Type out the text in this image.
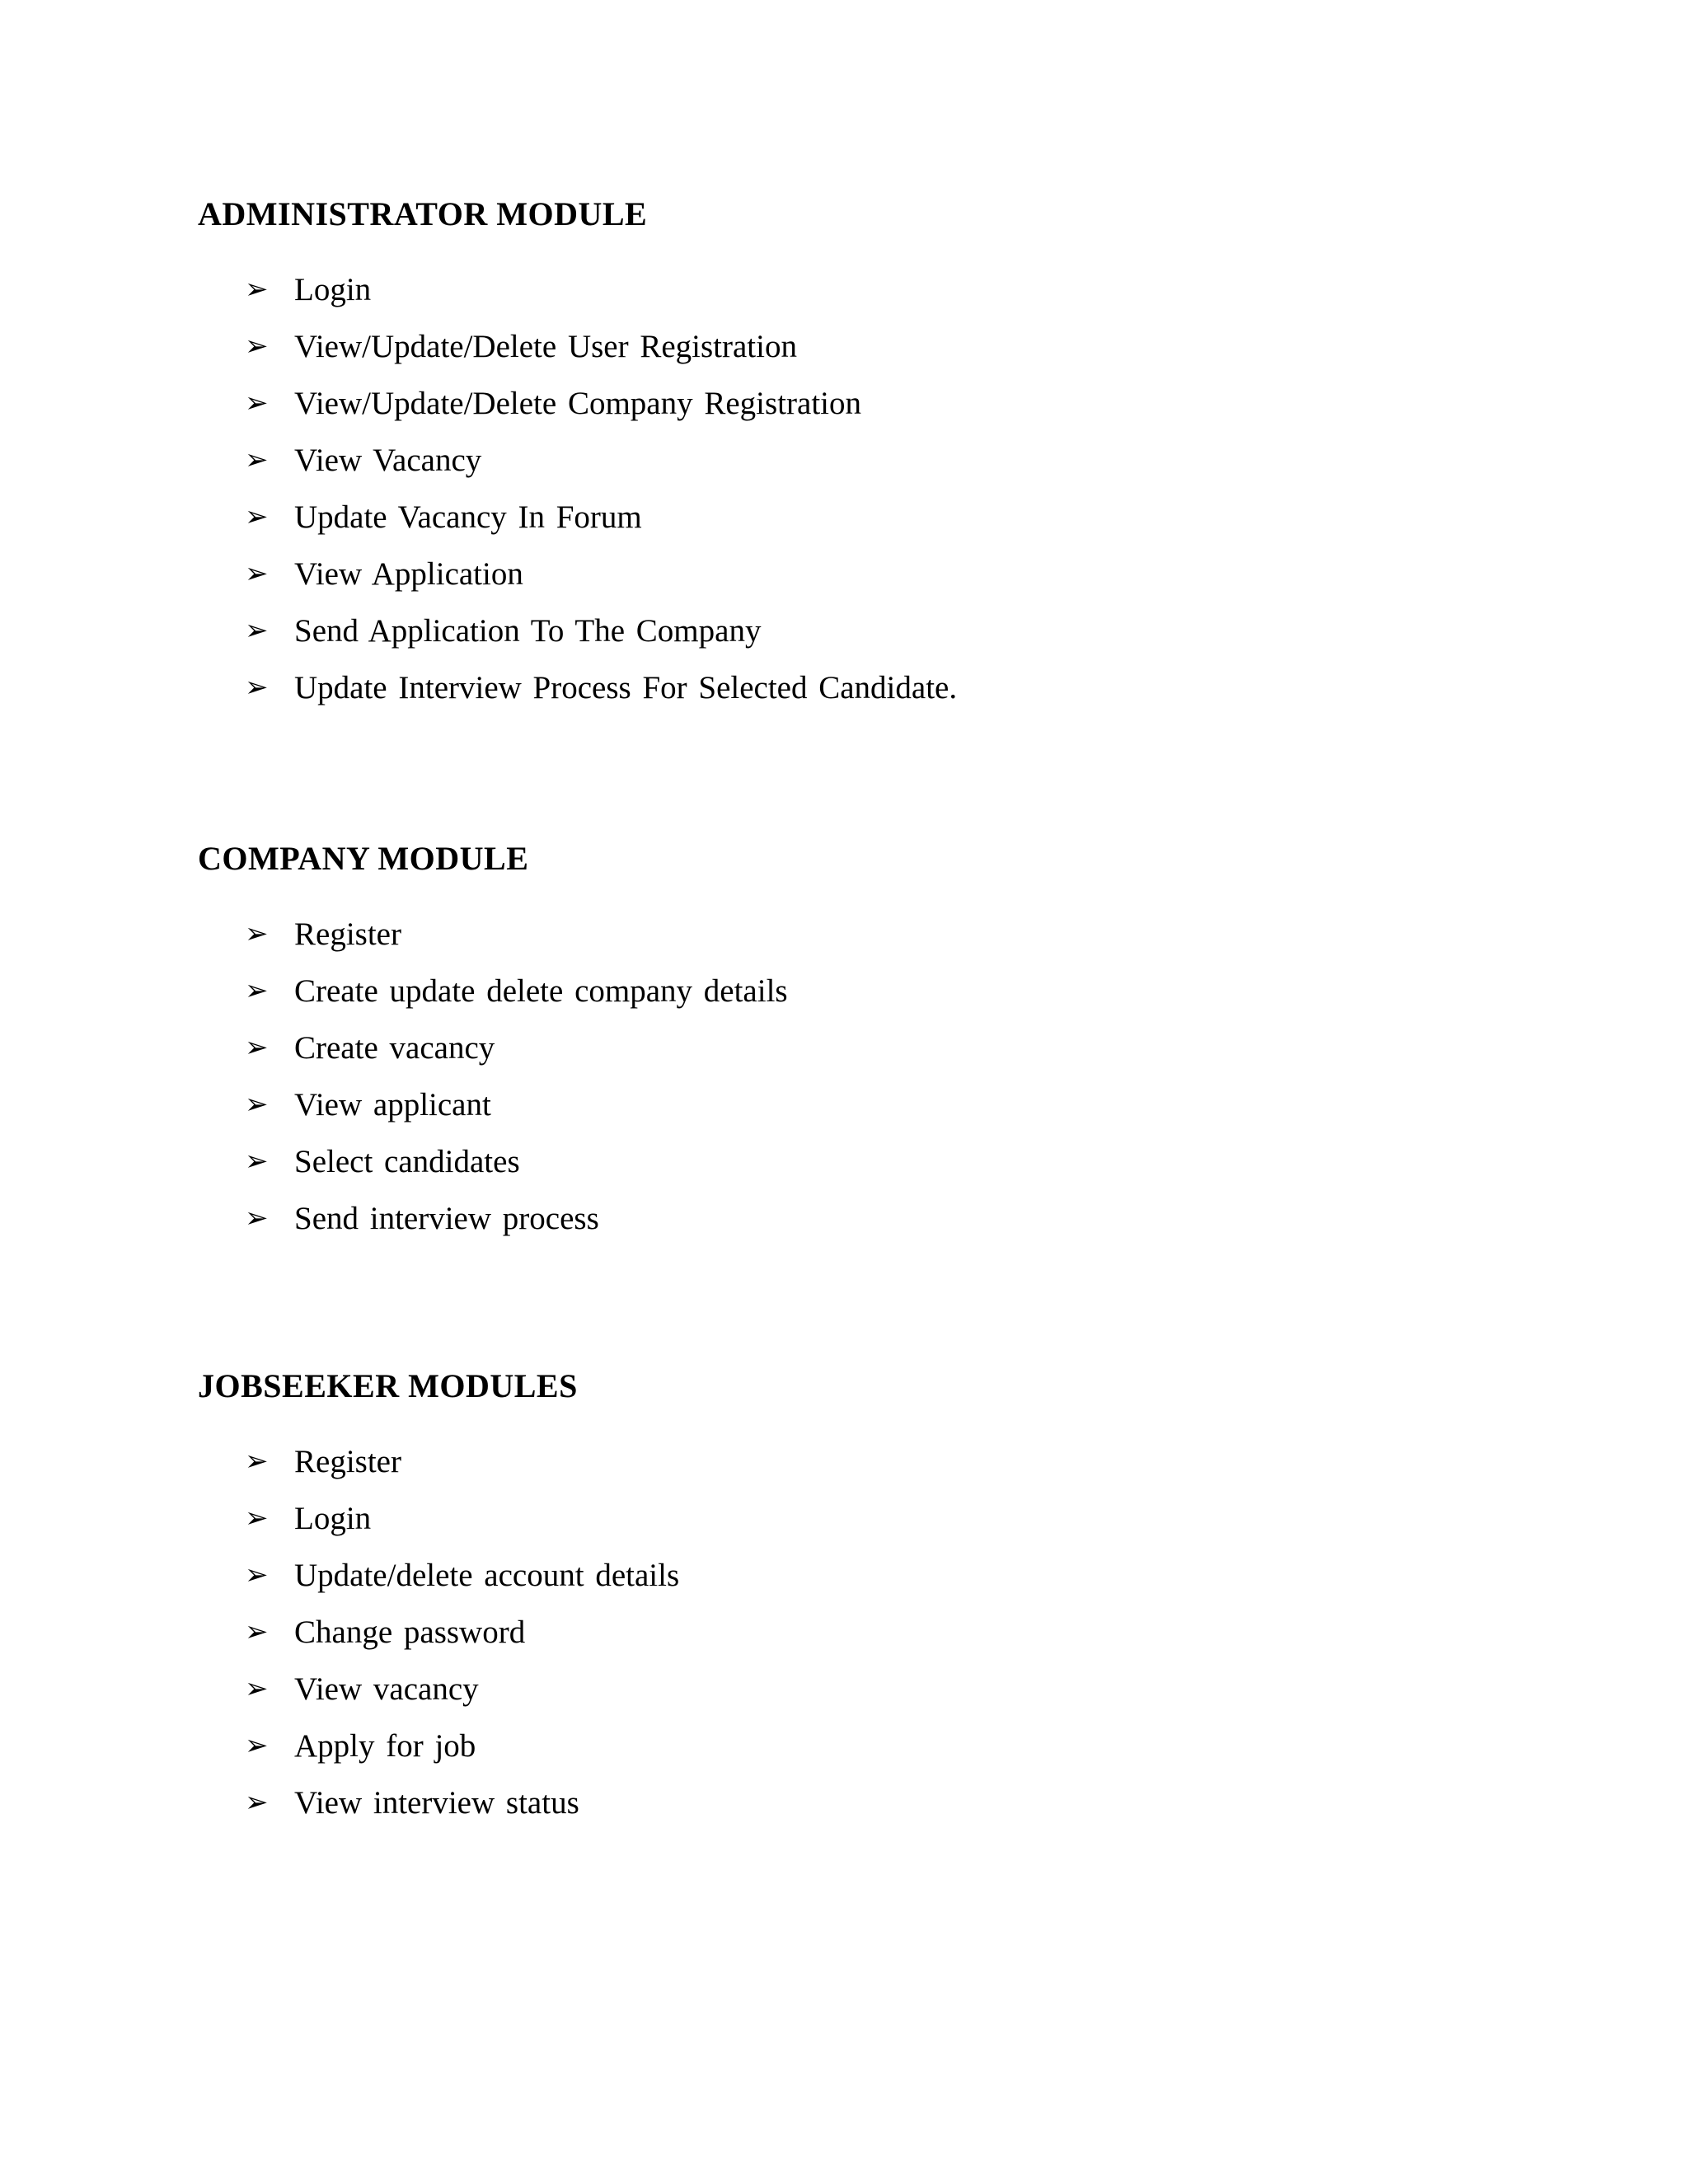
ADMINISTRATOR MODULE
➢ Login
➢ View/Update/Delete User Registration
➢ View/Update/Delete Company Registration
➢ View Vacancy
➢ Update Vacancy In Forum
➢ View Application
➢ Send Application To The Company
➢ Update Interview Process For Selected Candidate.
COMPANY MODULE
➢ Register
➢ Create update delete company details
➢ Create vacancy
➢ View applicant
➢ Select candidates
➢ Send interview process
JOBSEEKER MODULES
➢ Register
➢ Login
➢ Update/delete account details
➢ Change password
➢ View vacancy
➢ Apply for job
➢ View interview status
